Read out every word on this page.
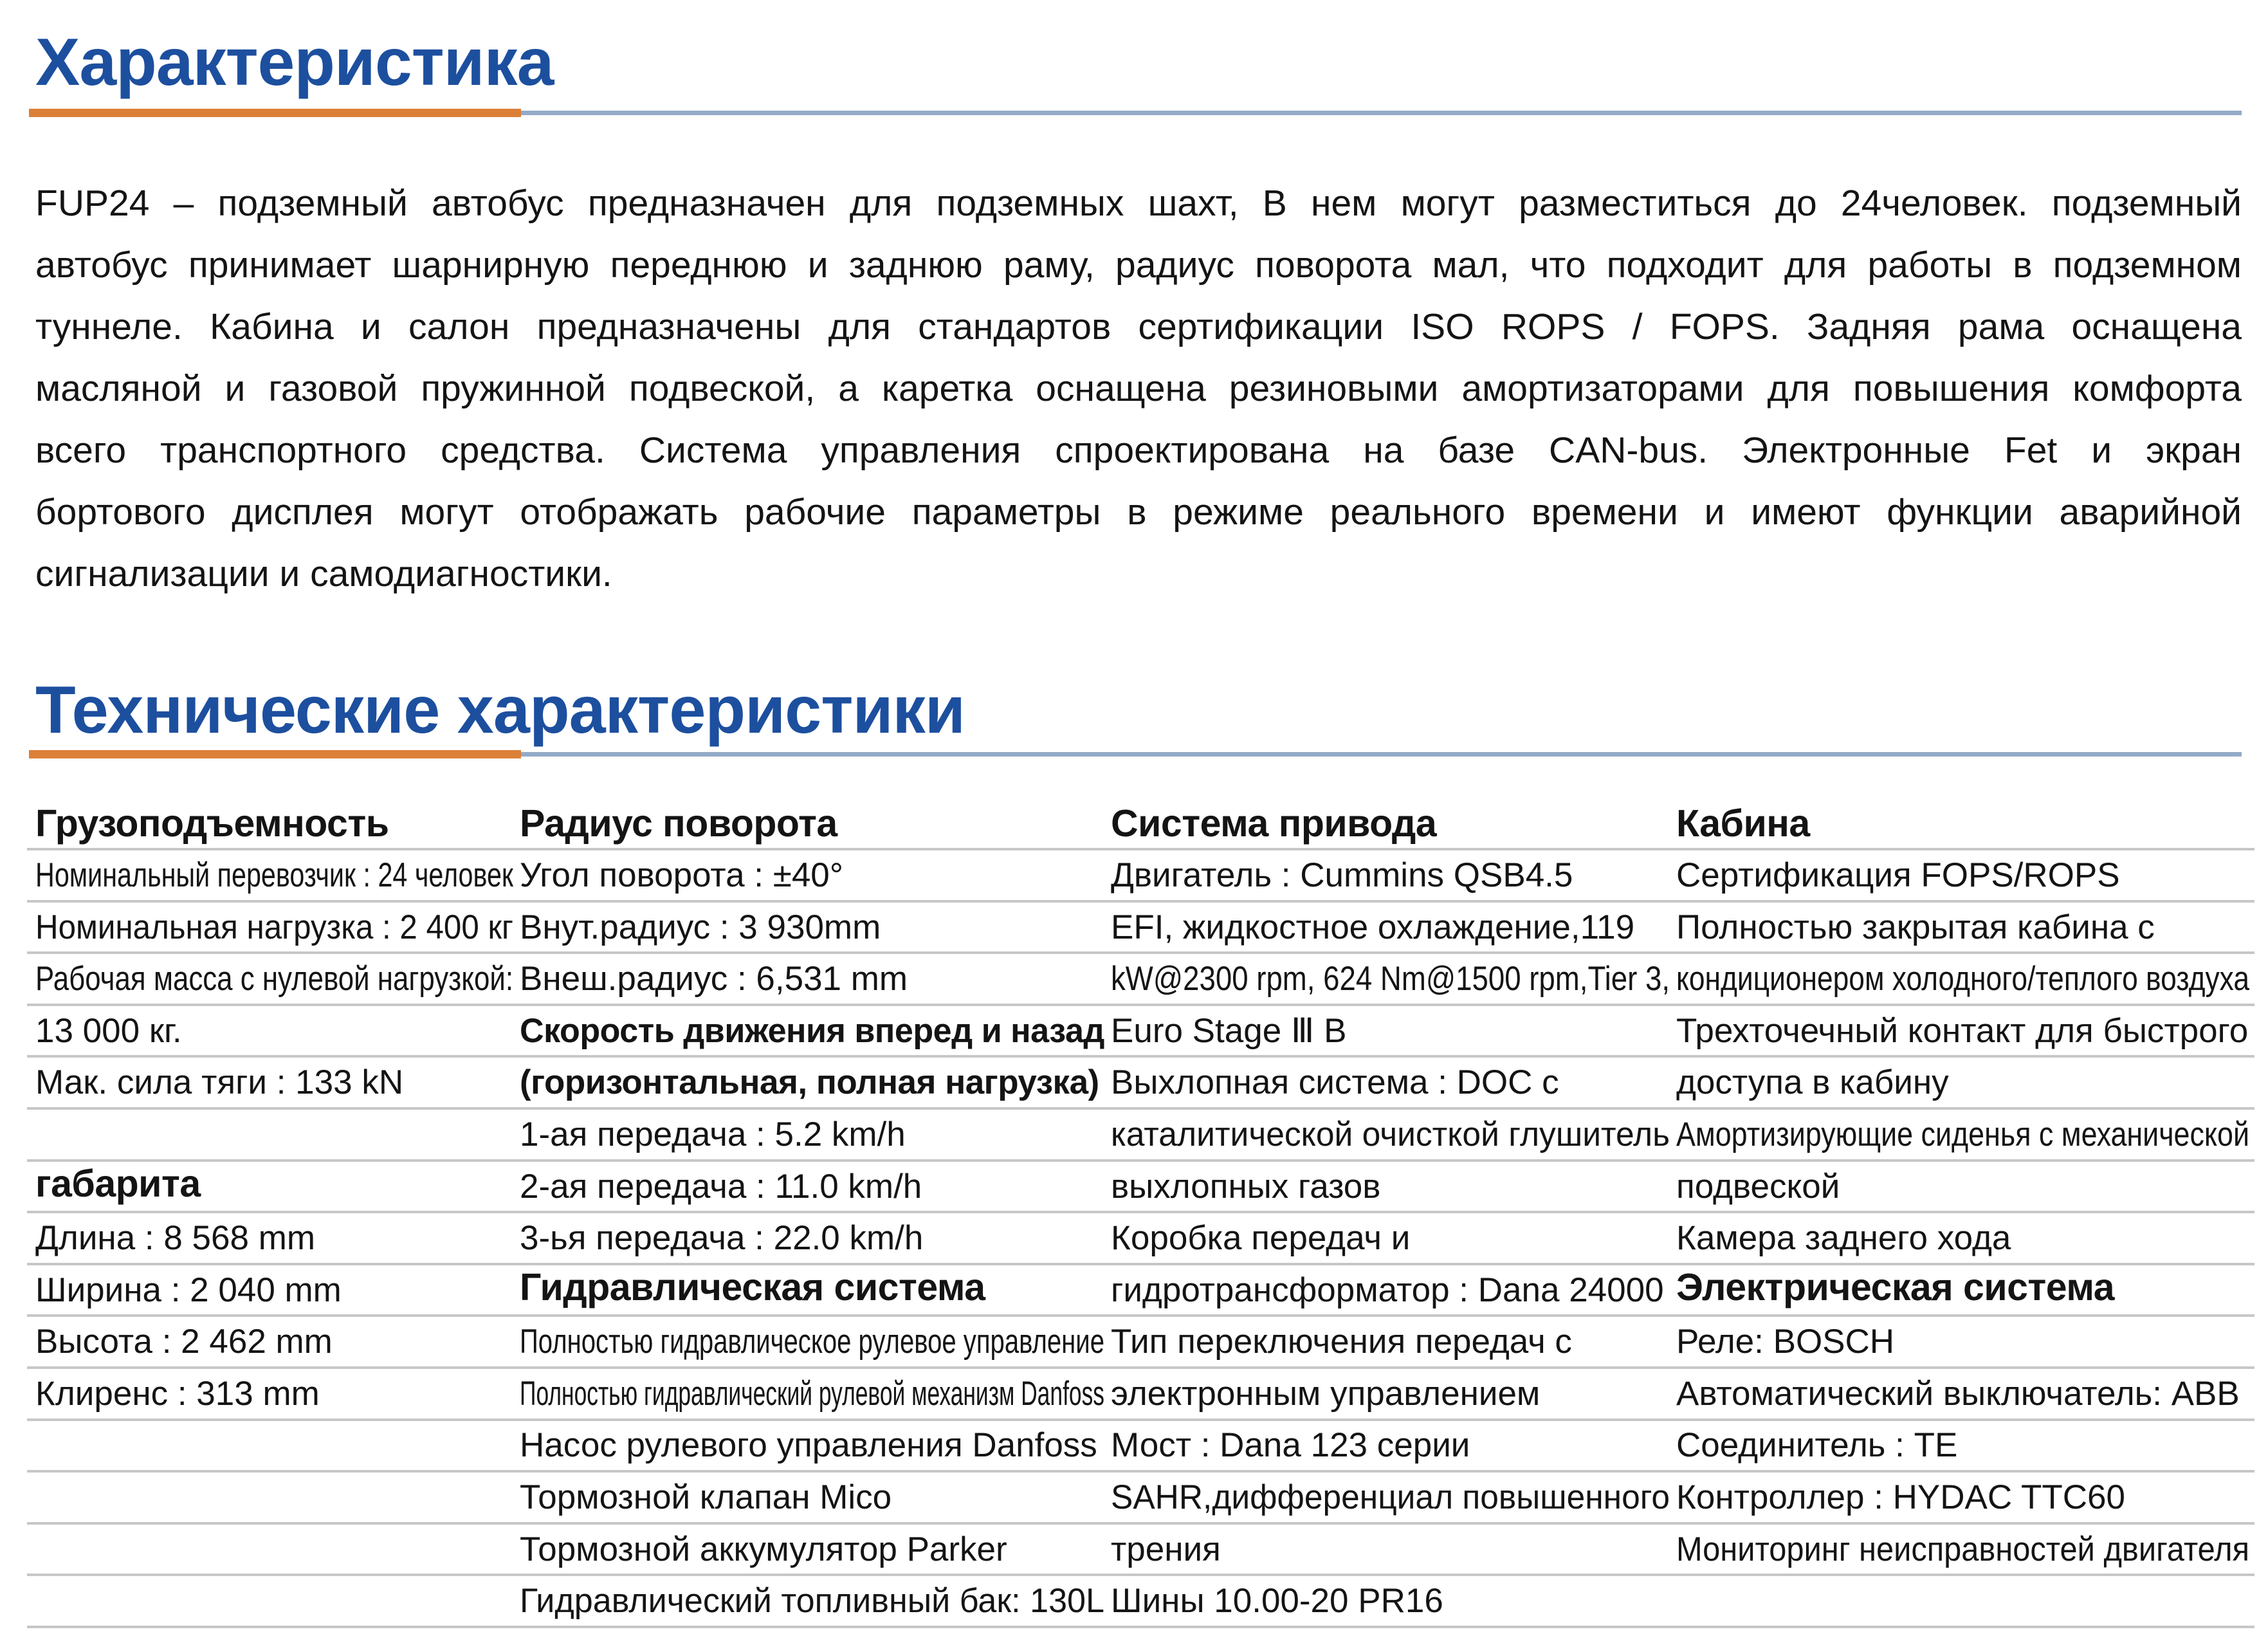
Характеристика
FUP24 – подземный автобус предназначен для подземных шахт, В нем могут разместиться до 24человек. подземный
автобус принимает шарнирную переднюю и заднюю раму, радиус поворота мал, что подходит для работы в подземном
туннеле. Кабина и салон предназначены для стандартов сертификации ISO ROPS / FOPS. Задняя рама оснащена
масляной и газовой пружинной подвеской, а каретка оснащена резиновыми амортизаторами для повышения комфорта
всего транспортного средства. Система управления спроектирована на базе CAN-bus. Электронные Fet и экран
бортового дисплея могут отображать рабочие параметры в режиме реального времени и имеют функции аварийной
сигнализации и самодиагностики.
Технические характеристики
Грузоподъемность
Номинальный перевозчик : 24 человек
Номинальная нагрузка : 2 400 кг
Рабочая масса с нулевой нагрузкой:
13 000 кг.
Мак. сила тяги : 133 kN
габарита
Длина : 8 568 mm
Ширина : 2 040 mm
Высота : 2 462 mm
Клиренс : 313 mm
Радиус поворота
Угол поворота : ±40°
Внут.радиус : 3 930mm
Внеш.радиус : 6,531 mm
Скорость движения вперед и назад
(горизонтальная, полная нагрузка)
1-ая передача : 5.2 km/h
2-ая передача : 11.0 km/h
3-ья передача : 22.0 km/h
Гидравлическая система
Полностью гидравлическое рулевое управление
Полностью гидравлический рулевой механизм Danfoss
Насос рулевого управления Danfoss
Тормозной клапан Mico
Тормозной аккумулятор Parker
Гидравлический топливный бак: 130L
Система привода
Двигатель : Cummins QSB4.5
EFI, жидкостное охлаждение,119
kW@2300 rpm, 624 Nm@1500 rpm,Tier 3,
Euro Stage Ⅲ B
Выхлопная система : DOC с
каталитической очисткой глушитель
выхлопных газов
Коробка передач и
гидротрансформатор : Dana 24000
Тип переключения передач с
электронным управлением
Мост : Dana 123 серии
SAHR,дифференциал повышенного
трения
Шины 10.00-20 PR16
Кабина
Сертификация FOPS/ROPS
Полностью закрытая кабина с
кондиционером холодного/теплого воздуха
Трехточечный контакт для быстрого
доступа в кабину
Амортизирующие сиденья с механической
подвеской
Камера заднего хода
Электрическая система
Реле: BOSCH
Автоматический выключатель: ABB
Соединитель : TE
Контроллер : HYDAC TTC60
Мониторинг неисправностей двигателя
